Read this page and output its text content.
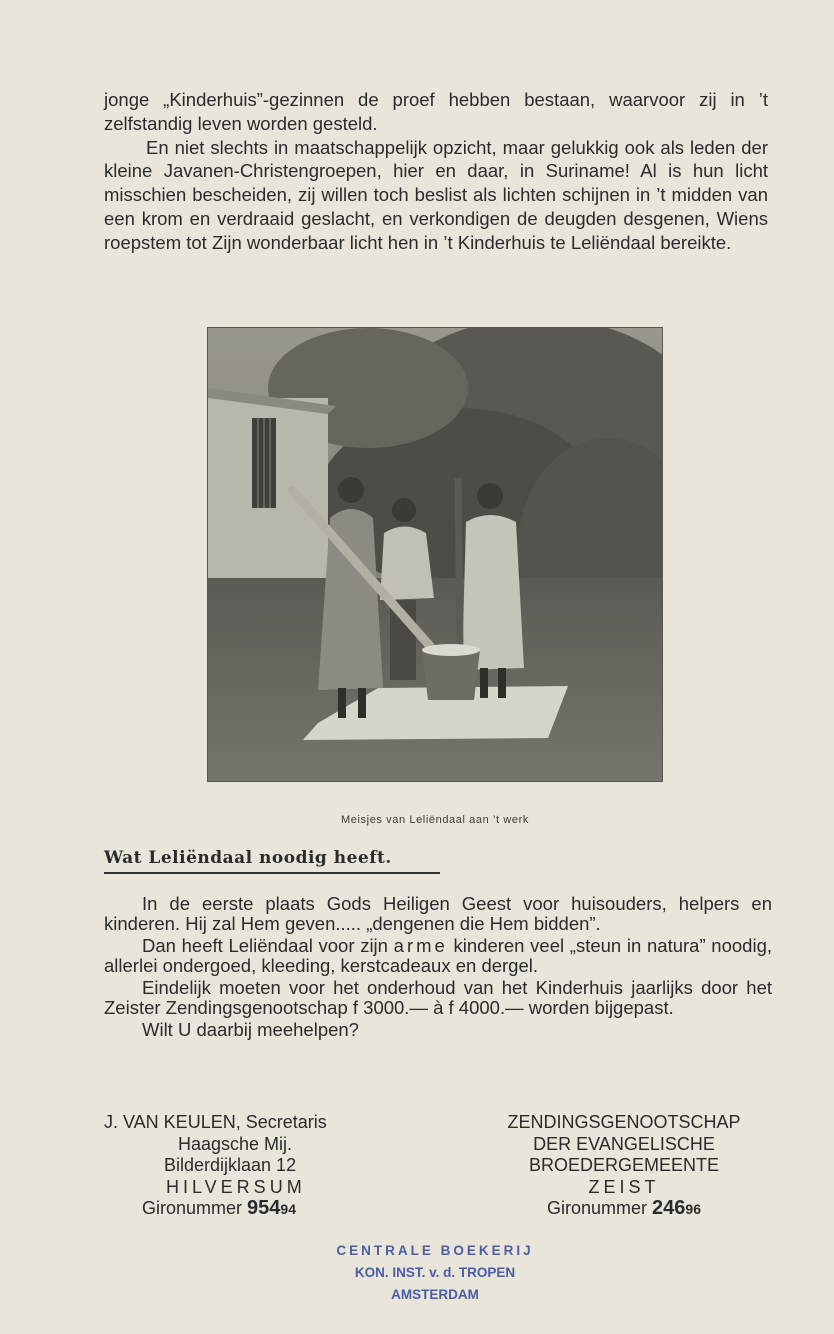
jonge „Kinderhuis”-gezinnen de proef hebben bestaan, waarvoor zij in ’t zelfstandig leven worden gesteld.

En niet slechts in maatschappelijk opzicht, maar gelukkig ook als leden der kleine Javanen-Christengroepen, hier en daar, in Suriname! Al is hun licht misschien bescheiden, zij willen toch beslist als lichten schijnen in ’t midden van een krom en verdraaid geslacht, en verkondigen de deugden desgenen, Wiens roepstem tot Zijn wonderbaar licht hen in ’t Kinderhuis te Leliëndaal bereikte.

Meisjes van Leliëndaal aan ’t werk
Wat Leliëndaal noodig heeft.

In de eerste plaats Gods Heiligen Geest voor huisouders, helpers en kinderen. Hij zal Hem geven..... „dengenen die Hem bidden”.

Dan heeft Leliëndaal voor zijn arme kinderen veel „steun in natura” noodig, allerlei ondergoed, kleeding, kerstcadeaux en dergel.

Eindelijk moeten voor het onderhoud van het Kinderhuis jaarlijks door het Zeister Zendingsgenootschap f 3000.— à f 4000.— worden bijgepast.

Wilt U daarbij meehelpen?

J. VAN KEULEN, Secretaris
Haagsche Mij.
Bilderdijklaan 12
HILVERSUM
Gironummer 95494
ZENDINGSGENOOTSCHAP
DER EVANGELISCHE
BROEDERGEMEENTE
ZEIST
Gironummer 24696
CENTRALE BOEKERIJ
KON. INST. v. d. TROPEN
AMSTERDAM
